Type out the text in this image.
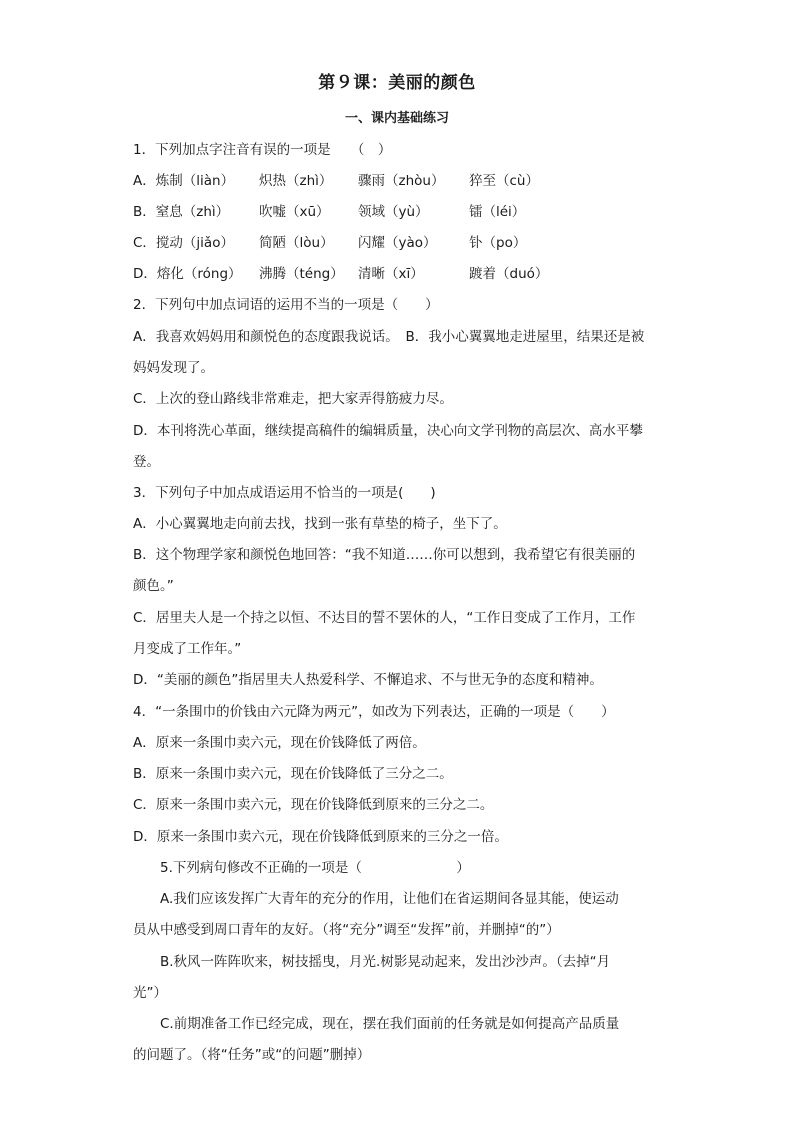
第９课：美丽的颜色
一、课内基础练习
1．下列加点字注音有误的一项是　　（　）
A．炼制（liàn） 炽热（zhì） 骤雨（zhòu） 猝至（cù）
B．窒息（zhì） 吹嘘（xū） 领域（yù）	镭（léi）
C．搅动（jiǎo） 简陋（lòu） 闪耀（yào） 钋（po）
D．熔化（róng） 沸腾（téng） 清晰（xī）	踱着（duó）
2．下列句中加点词语的运用不当的一项是（　　）
A．我喜欢妈妈用和颜悦色的态度跟我说话。　B．我小心翼翼地走进屋里，结果还是被
妈妈发现了。
C．上次的登山路线非常难走，把大家弄得筋疲力尽。
D．本刊将洗心革面，继续提高稿件的编辑质量，决心向文学刊物的高层次、高水平攀
登。
3．下列句子中加点成语运用不恰当的一项是(　　)
A．小心翼翼地走向前去找，找到一张有草垫的椅子，坐下了。
B．这个物理学家和颜悦色地回答：“我不知道……你可以想到，我希望它有很美丽的
颜色。”
C．居里夫人是一个持之以恒、不达目的誓不罢休的人，“工作日变成了工作月，工作
月变成了工作年。”
D．“美丽的颜色”指居里夫人热爱科学、不懈追求、不与世无争的态度和精神。
4．“一条围巾的价钱由六元降为两元”，如改为下列表达，正确的一项是（　　）
A．原来一条围巾卖六元，现在价钱降低了两倍。
B．原来一条围巾卖六元，现在价钱降低了三分之二。
C．原来一条围巾卖六元，现在价钱降低到原来的三分之二。
D．原来一条围巾卖六元，现在价钱降低到原来的三分之一倍。
5.下列病句修改不正确的一项是（　　　　　　　）
A.我们应该发挥广大青年的充分的作用，让他们在省运期间各显其能，使运动
员从中感受到周口青年的友好。（将“充分”调至“发挥”前，并删掉“的”）
B.秋风一阵阵吹来，树技摇曳，月光.树影晃动起来，发出沙沙声。（去掉“月
光”）
C.前期准备工作已经完成，现在，摆在我们面前的任务就是如何提高产品质量
的问题了。（将“任务”或“的问题”删掉）
